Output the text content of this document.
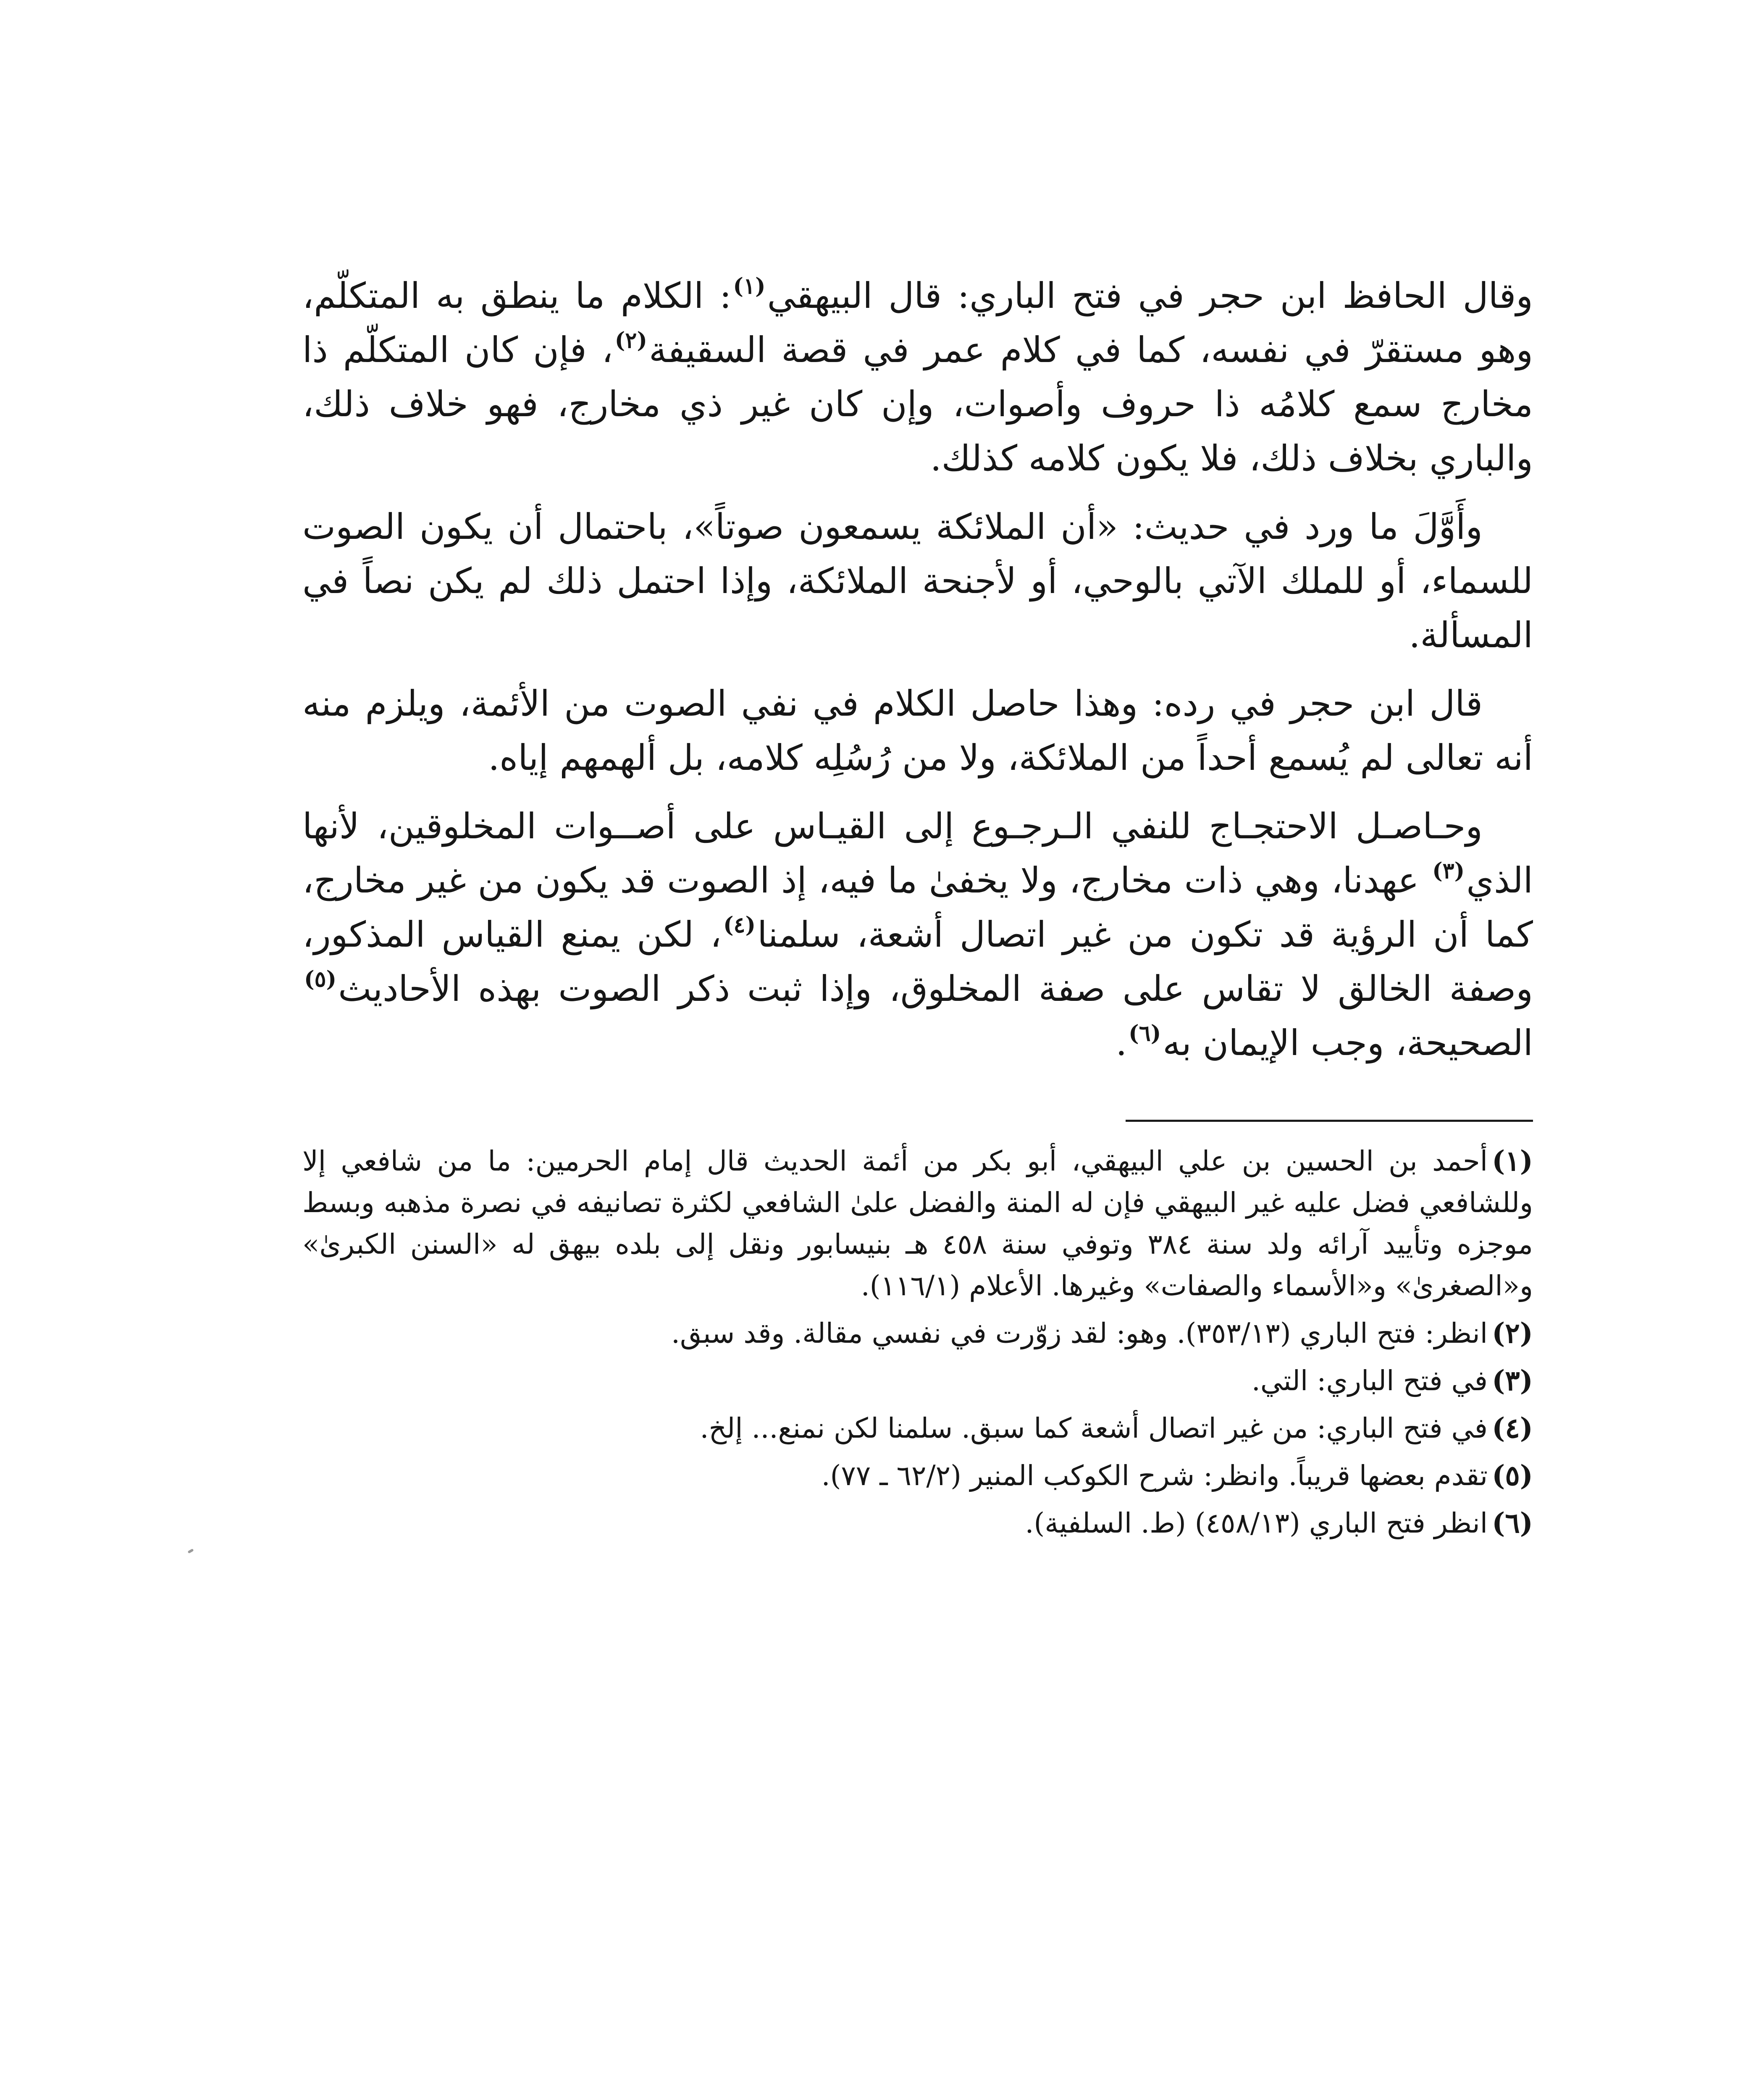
وقال الحافظ ابن حجر في فتح الباري: قال البيهقي$^{(١)}$: الكلام ما ينطق به المتكلّم، وهو مستقرّ في نفسه، كما في كلام عمر في قصة السقيفة$^{(٢)}$، فإن كان المتكلّم ذا مخارج سمع كلامُه ذا حروف وأصوات، وإن كان غير ذي مخارج، فهو خلاف ذلك، والباري بخلاف ذلك، فلا يكون كلامه كذلك.

وأَوَّلَ ما ورد في حديث: «أن الملائكة يسمعون صوتاً»، باحتمال أن يكون الصوت للسماء، أو للملك الآتي بالوحي، أو لأجنحة الملائكة، وإذا احتمل ذلك لم يكن نصاً في المسألة.

قال ابن حجر في رده: وهذا حاصل الكلام في نفي الصوت من الأئمة، ويلزم منه أنه تعالى لم يُسمع أحداً من الملائكة، ولا من رُسُلِه كلامه، بل ألهمهم إياه.

وحـاصـل الاحتجـاج للنفي الـرجـوع إلى القيـاس على أصــوات المخلوقين، لأنها الذي$^{(٣)}$ عهدنا، وهي ذات مخارج، ولا يخفىٰ ما فيه، إذ الصوت قد يكون من غير مخارج، كما أن الرؤية قد تكون من غير اتصال أشعة، سلمنا$^{(٤)}$، لكن يمنع القياس المذكور، وصفة الخالق لا تقاس على صفة المخلوق، وإذا ثبت ذكر الصوت بهذه الأحاديث$^{(٥)}$ الصحيحة، وجب الإيمان به$^{(٦)}$.

(١)أحمد بن الحسين بن علي البيهقي، أبو بكر من أئمة الحديث قال إمام الحرمين: ما من شافعي إلا وللشافعي فضل عليه غير البيهقي فإن له المنة والفضل علىٰ الشافعي لكثرة تصانيفه في نصرة مذهبه وبسط موجزه وتأييد آرائه ولد سنة ٣٨٤ وتوفي سنة ٤٥٨ هـ بنيسابور ونقل إلى بلده بيهق له «السنن الكبرىٰ» و«الصغرىٰ» و«الأسماء والصفات» وغيرها. الأعلام (١١٦/١).

(٢)انظر: فتح الباري (٣٥٣/١٣). وهو: لقد زوّرت في نفسي مقالة. وقد سبق.

(٣)في فتح الباري: التي.

(٤)في فتح الباري: من غير اتصال أشعة كما سبق. سلمنا لكن نمنع... إلخ.

(٥)تقدم بعضها قريباً. وانظر: شرح الكوكب المنير (٦٢/٢ ـ ٧٧).

(٦)انظر فتح الباري (٤٥٨/١٣) (ط. السلفية).
